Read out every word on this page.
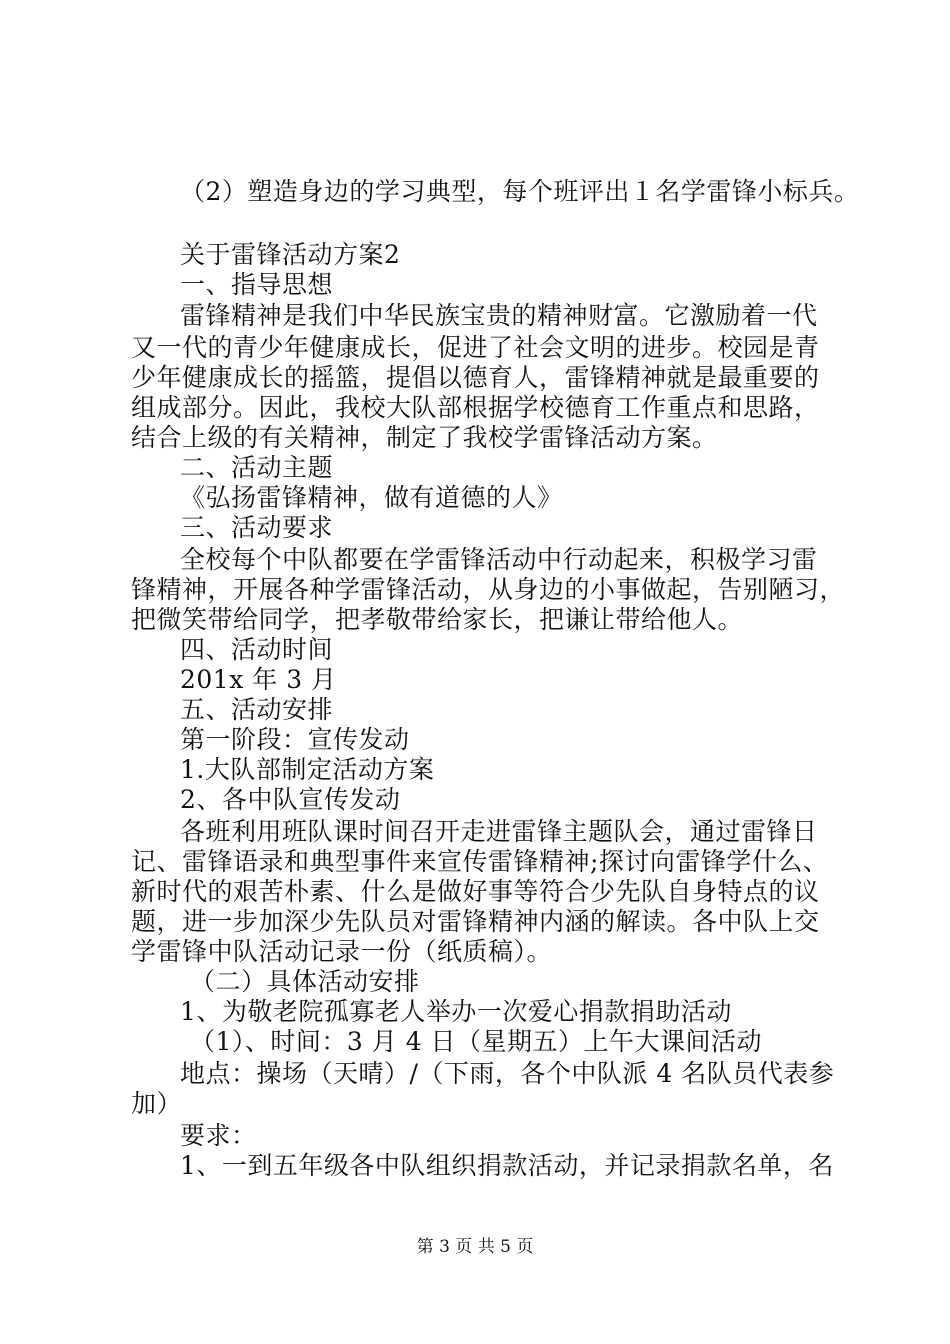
（2）塑造身边的学习典型，每个班评出１名学雷锋小标兵。
关于雷锋活动方案2
一、指导思想
雷锋精神是我们中华民族宝贵的精神财富。它激励着一代
又一代的青少年健康成长，促进了社会文明的进步。校园是青
少年健康成长的摇篮，提倡以德育人，雷锋精神就是最重要的
组成部分。因此，我校大队部根据学校德育工作重点和思路，
结合上级的有关精神，制定了我校学雷锋活动方案。
二、活动主题
《弘扬雷锋精神，做有道德的人》
三、活动要求
全校每个中队都要在学雷锋活动中行动起来，积极学习雷
锋精神，开展各种学雷锋活动，从身边的小事做起，告别陋习，
把微笑带给同学，把孝敬带给家长，把谦让带给他人。
四、活动时间
201x 年 3 月
五、活动安排
第一阶段：宣传发动
1.大队部制定活动方案
2、各中队宣传发动
各班利用班队课时间召开走进雷锋主题队会，通过雷锋日
记、雷锋语录和典型事件来宣传雷锋精神;探讨向雷锋学什么、
新时代的艰苦朴素、什么是做好事等符合少先队自身特点的议
题，进一步加深少先队员对雷锋精神内涵的解读。各中队上交
学雷锋中队活动记录一份（纸质稿）。
（二）具体活动安排
1、为敬老院孤寡老人举办一次爱心捐款捐助活动
（1）、时间：3 月 4 日（星期五）上午大课间活动
地点：操场（天晴）/（下雨，各个中队派 4 名队员代表参
加）
要求：
1、一到五年级各中队组织捐款活动，并记录捐款名单，名
第 3 页 共 5 页
